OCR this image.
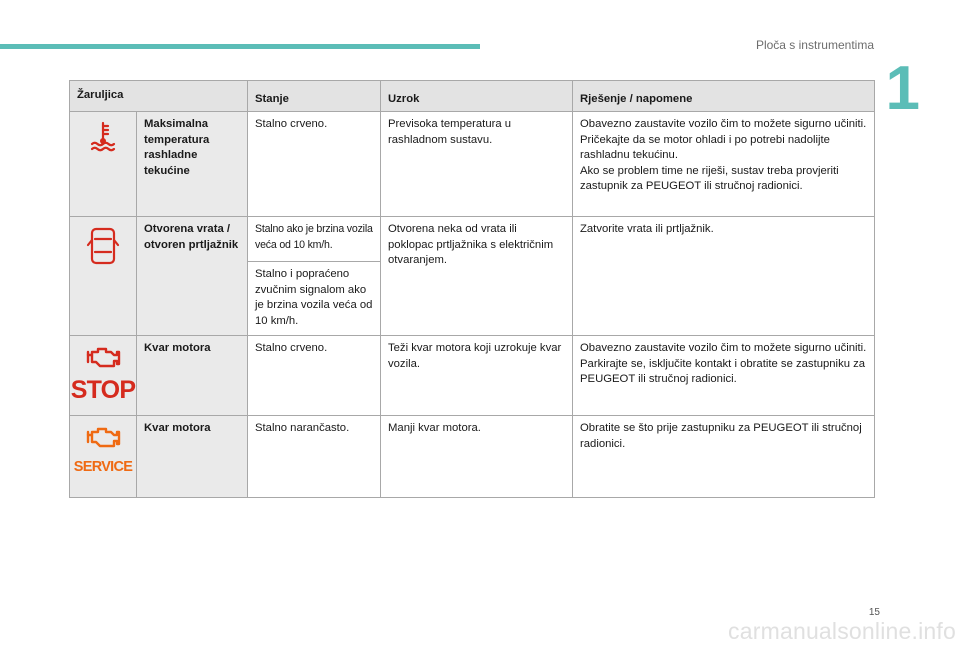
Ploča s instrumentima
1
Žaruljica		Stanje	Uzrok	Rješenje / napomene

	Maksimalna temperatura rashladne tekućine	Stalno crveno.	Previsoka temperatura u rashladnom sustavu.	Obavezno zaustavite vozilo čim to možete sigurno učiniti.
Pričekajte da se motor ohladi i po potrebi nadolijte rashladnu tekućinu.
Ako se problem time ne riješi, sustav treba provjeriti zastupnik za PEUGEOT ili stručnoj radionici.

	Otvorena vrata / otvoren prtljažnik	Stalno ako je brzina vozila veća od 10 km/h.	Otvorena neka od vrata ili poklopac prtljažnika s električnim otvaranjem.	Zatvorite vrata ili prtljažnik.
		Stalno i popraćeno zvučnim signalom ako je brzina vozila veća od 10 km/h.		

STOP	Kvar motora	Stalno crveno.	Teži kvar motora koji uzrokuje kvar vozila.	Obavezno zaustavite vozilo čim to možete sigurno učiniti.
Parkirajte se, isključite kontakt i obratite se zastupniku za PEUGEOT ili stručnoj radionici.

SERVICE	Kvar motora	Stalno narančasto.	Manji kvar motora.	Obratite se što prije zastupniku za PEUGEOT ili stručnoj radionici.
15
carmanualsonline.info
